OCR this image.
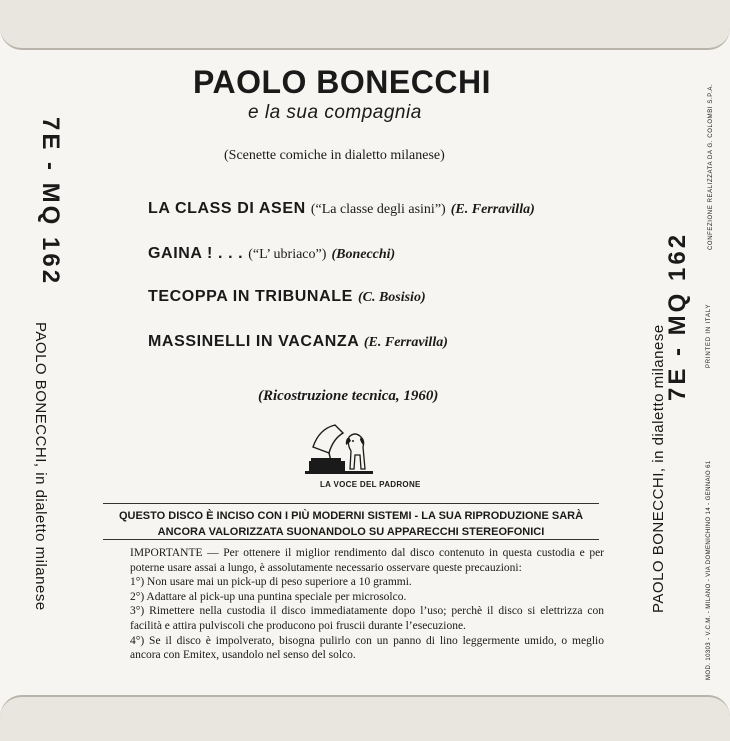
PAOLO BONECCHI
e la sua compagnia
(Scenette comiche in dialetto milanese)
LA CLASS DI ASEN (“La classe degli asini”) (E. Ferravilla)
GAINA ! . . . (“L’ ubriaco”) (Bonecchi)
TECOPPA IN TRIBUNALE (C. Bosisio)
MASSINELLI IN VACANZA (E. Ferravilla)
(Ricostruzione tecnica, 1960)
LA VOCE DEL PADRONE
QUESTO DISCO È INCISO CON I PIÙ MODERNI SISTEMI - LA SUA RIPRODUZIONE SARÀ ANCORA VALORIZZATA SUONANDOLO SU APPARECCHI STEREOFONICI

IMPORTANTE — Per ottenere il miglior rendimento dal disco contenuto in questa custodia e per poterne usare assai a lungo, è assolutamente necessario osservare queste precauzioni:

1°) Non usare mai un pick-up di peso superiore a 10 grammi.

2°) Adattare al pick-up una puntina speciale per microsolco.

3°) Rimettere nella custodia il disco immediatamente dopo l’uso; perchè il disco si elettrizza con facilità e attira pulviscoli che producono poi fruscii durante l’esecuzione.

4°) Se il disco è impolverato, bisogna pulirlo con un panno di lino leggermente umido, o meglio ancora con Emitex, usandolo nel senso del solco.

7E - MQ 162
PAOLO BONECCHI, in dialetto milanese
7E - MQ 162
PAOLO BONECCHI, in dialetto milanese	PRINTED IN ITALY
CONFEZIONE REALIZZATA DA G. COLOMBI S.P.A.
MOD. 10303 - V.C.M. - MILANO - VIA DOMENICHINO 14 - GENNAIO 61
